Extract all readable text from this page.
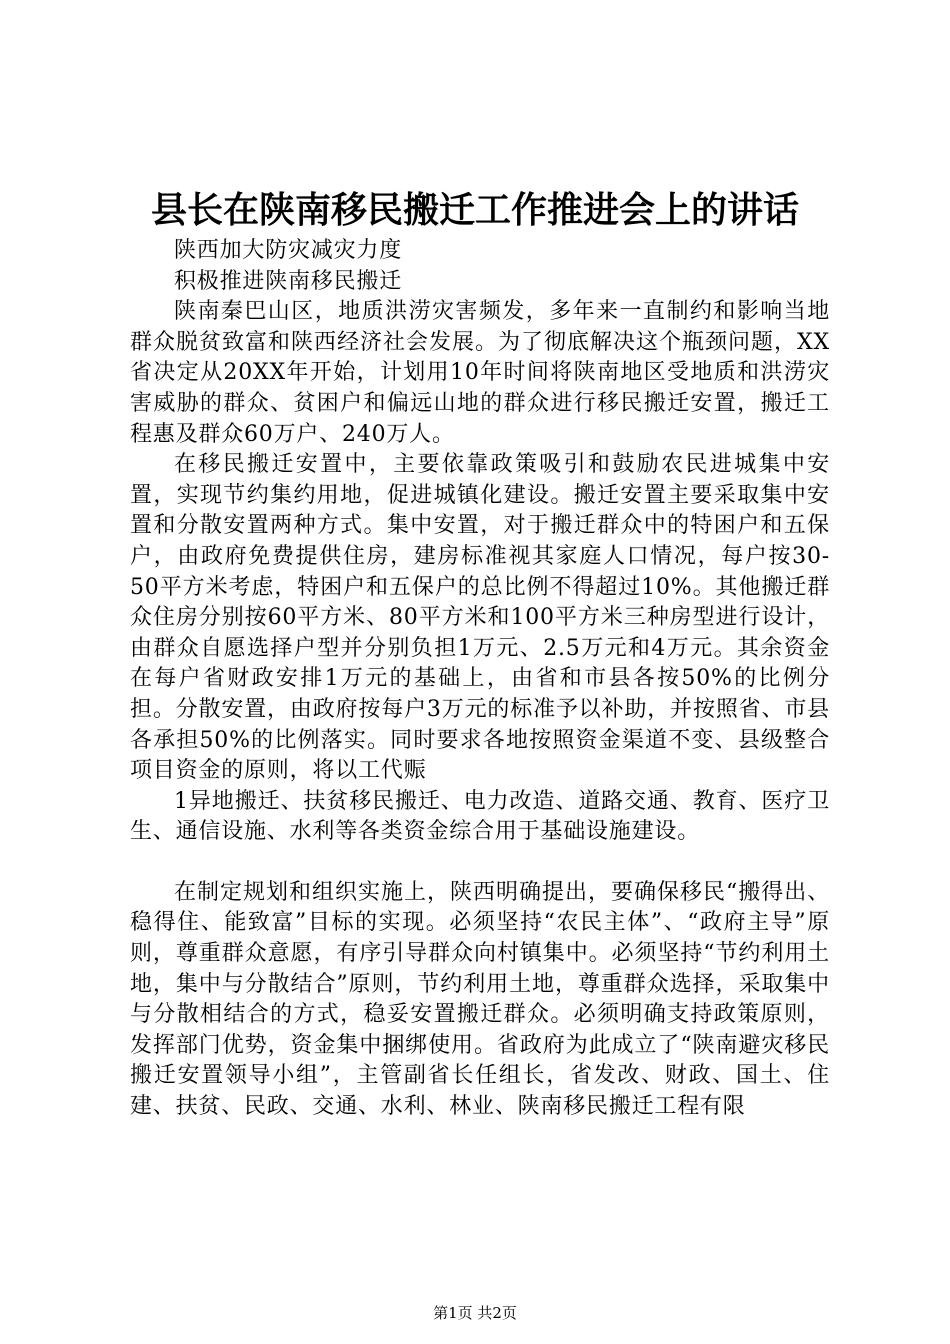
县长在陕南移民搬迁工作推进会上的讲话

陕西加大防灾减灾力度

积极推进陕南移民搬迁

陕南秦巴山区，地质洪涝灾害频发，多年来一直制约和影响当地群众脱贫致富和陕西经济社会发展。为了彻底解决这个瓶颈问题，XX省决定从20XX年开始，计划用10年时间将陕南地区受地质和洪涝灾害威胁的群众、贫困户和偏远山地的群众进行移民搬迁安置，搬迁工程惠及群众60万户、240万人。

在移民搬迁安置中，主要依靠政策吸引和鼓励农民进城集中安置，实现节约集约用地，促进城镇化建设。搬迁安置主要采取集中安置和分散安置两种方式。集中安置，对于搬迁群众中的特困户和五保户，由政府免费提供住房，建房标准视其家庭人口情况，每户按30-50平方米考虑，特困户和五保户的总比例不得超过10%。其他搬迁群众住房分别按60平方米、80平方米和100平方米三种房型进行设计，由群众自愿选择户型并分别负担1万元、2.5万元和4万元。其余资金在每户省财政安排1万元的基础上，由省和市县各按50%的比例分担。分散安置，由政府按每户3万元的标准予以补助，并按照省、市县各承担50%的比例落实。同时要求各地按照资金渠道不变、县级整合项目资金的原则，将以工代赈

1异地搬迁、扶贫移民搬迁、电力改造、道路交通、教育、医疗卫生、通信设施、水利等各类资金综合用于基础设施建设。

在制定规划和组织实施上，陕西明确提出，要确保移民“搬得出、稳得住、能致富”目标的实现。必须坚持“农民主体”、“政府主导”原则，尊重群众意愿，有序引导群众向村镇集中。必须坚持“节约利用土地，集中与分散结合”原则，节约利用土地，尊重群众选择，采取集中与分散相结合的方式，稳妥安置搬迁群众。必须明确支持政策原则，发挥部门优势，资金集中捆绑使用。省政府为此成立了“陕南避灾移民搬迁安置领导小组”，主管副省长任组长，省发改、财政、国土、住建、扶贫、民政、交通、水利、林业、陕南移民搬迁工程有限

第1页 共2页
